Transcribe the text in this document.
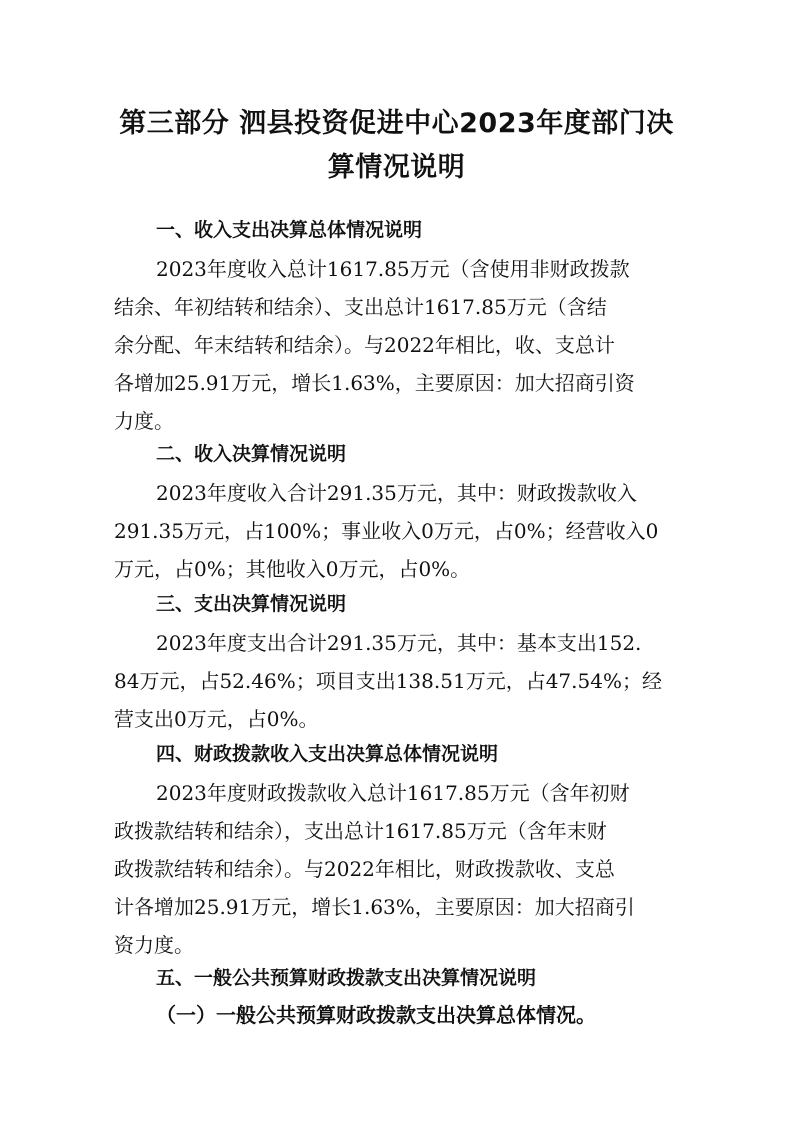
第三部分 泗县投资促进中心2023年度部门决
算情况说明
一、收入支出决算总体情况说明
2023年度收入总计1617.85万元（含使用非财政拨款
结余、年初结转和结余）、支出总计1617.85万元（含结
余分配、年末结转和结余）。与2022年相比，收、支总计
各增加25.91万元，增长1.63%，主要原因：加大招商引资
力度。
二、收入决算情况说明
2023年度收入合计291.35万元，其中：财政拨款收入
291.35万元，占100%；事业收入0万元，占0%；经营收入0
万元，占0%；其他收入0万元，占0%。
三、支出决算情况说明
2023年度支出合计291.35万元，其中：基本支出152.
84万元，占52.46%；项目支出138.51万元，占47.54%；经
营支出0万元，占0%。
四、财政拨款收入支出决算总体情况说明
2023年度财政拨款收入总计1617.85万元（含年初财
政拨款结转和结余），支出总计1617.85万元（含年末财
政拨款结转和结余）。与2022年相比，财政拨款收、支总
计各增加25.91万元，增长1.63%，主要原因：加大招商引
资力度。
五、一般公共预算财政拨款支出决算情况说明
（一）一般公共预算财政拨款支出决算总体情况。
